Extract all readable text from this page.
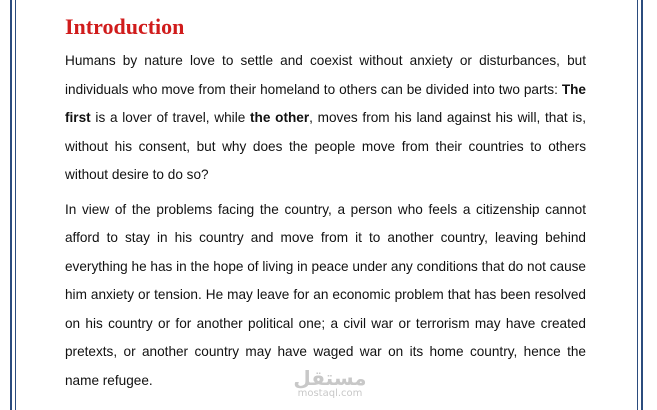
Introduction

Humans by nature love to settle and coexist without anxiety or disturbances, but individuals who move from their homeland to others can be divided into two parts: The first is a lover of travel, while the other, moves from his land against his will, that is, without his consent, but why does the people move from their countries to others without desire to do so?

In view of the problems facing the country, a person who feels a citizenship cannot afford to stay in his country and move from it to another country, leaving behind everything he has in the hope of living in peace under any conditions that do not cause him anxiety or tension. He may leave for an economic problem that has been resolved on his country or for another political one; a civil war or terrorism may have created pretexts, or another country may have waged war on its home country, hence the name refugee.	مستقل
mostaql.com
